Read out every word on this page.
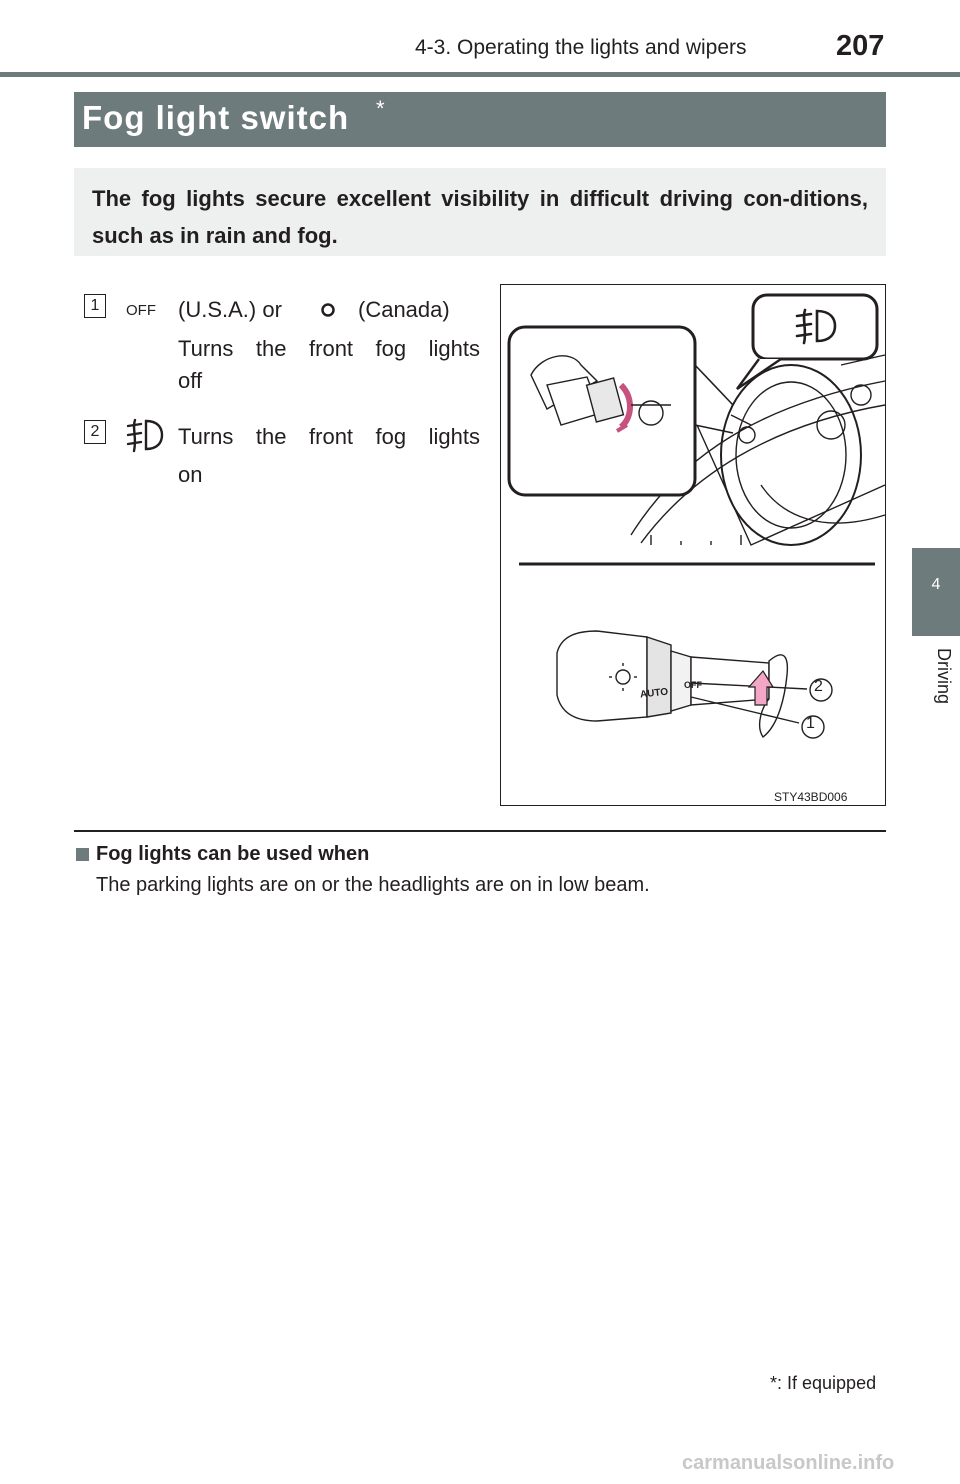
4-3. Operating the lights and wipers	207
4
Driving
Fog light switch *
The fog lights secure excellent visibility in difficult driving con-ditions, such as in rain and fog.
1	OFF (U.S.A.) or	(Canada)
Turns the front fog lights
off
2	Turns the front fog lights
on
2
1
AUTO
OFF
STY43BD006
Fog lights can be used when
The parking lights are on or the headlights are on in low beam.
*: If equipped
carmanualsonline.info
